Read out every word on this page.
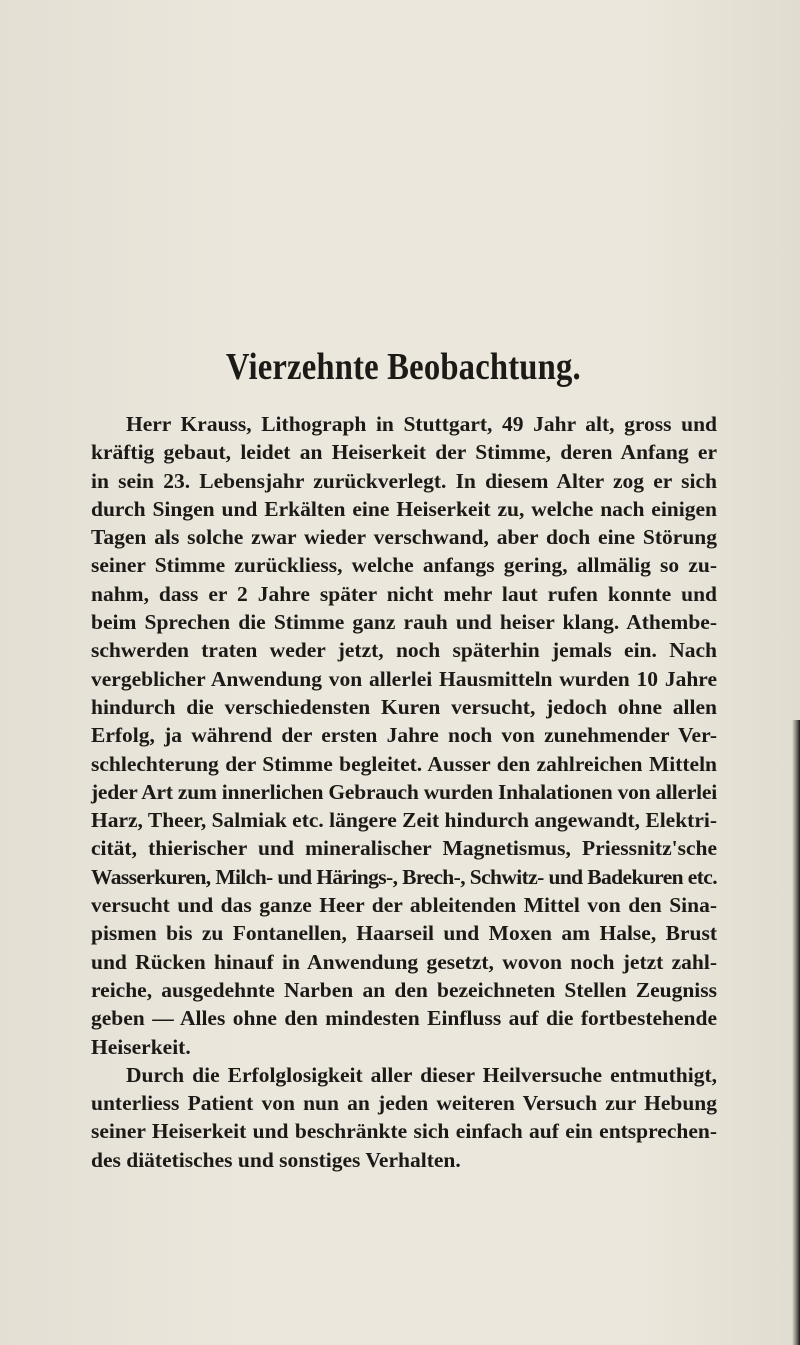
Vierzehnte Beobachtung.
Herr Krauss, Lithograph in Stuttgart, 49 Jahr alt, gross und
kräftig gebaut, leidet an Heiserkeit der Stimme, deren Anfang er
in sein 23. Lebensjahr zurückverlegt. In diesem Alter zog er sich
durch Singen und Erkälten eine Heiserkeit zu, welche nach einigen
Tagen als solche zwar wieder verschwand, aber doch eine Störung
seiner Stimme zurückliess, welche anfangs gering, allmälig so zu-
nahm, dass er 2 Jahre später nicht mehr laut rufen konnte und
beim Sprechen die Stimme ganz rauh und heiser klang. Athembe-
schwerden traten weder jetzt, noch späterhin jemals ein. Nach
vergeblicher Anwendung von allerlei Hausmitteln wurden 10 Jahre
hindurch die verschiedensten Kuren versucht, jedoch ohne allen
Erfolg, ja während der ersten Jahre noch von zunehmender Ver-
schlechterung der Stimme begleitet. Ausser den zahlreichen Mitteln
jeder Art zum innerlichen Gebrauch wurden Inhalationen von allerlei
Harz, Theer, Salmiak etc. längere Zeit hindurch angewandt, Elektri-
cität, thierischer und mineralischer Magnetismus, Priessnitz'sche
Wasserkuren, Milch- und Härings-, Brech-, Schwitz- und Badekuren etc.
versucht und das ganze Heer der ableitenden Mittel von den Sina-
pismen bis zu Fontanellen, Haarseil und Moxen am Halse, Brust
und Rücken hinauf in Anwendung gesetzt, wovon noch jetzt zahl-
reiche, ausgedehnte Narben an den bezeichneten Stellen Zeugniss
geben — Alles ohne den mindesten Einfluss auf die fortbestehende
Heiserkeit.
Durch die Erfolglosigkeit aller dieser Heilversuche entmuthigt,
unterliess Patient von nun an jeden weiteren Versuch zur Hebung
seiner Heiserkeit und beschränkte sich einfach auf ein entsprechen-
des diätetisches und sonstiges Verhalten.
